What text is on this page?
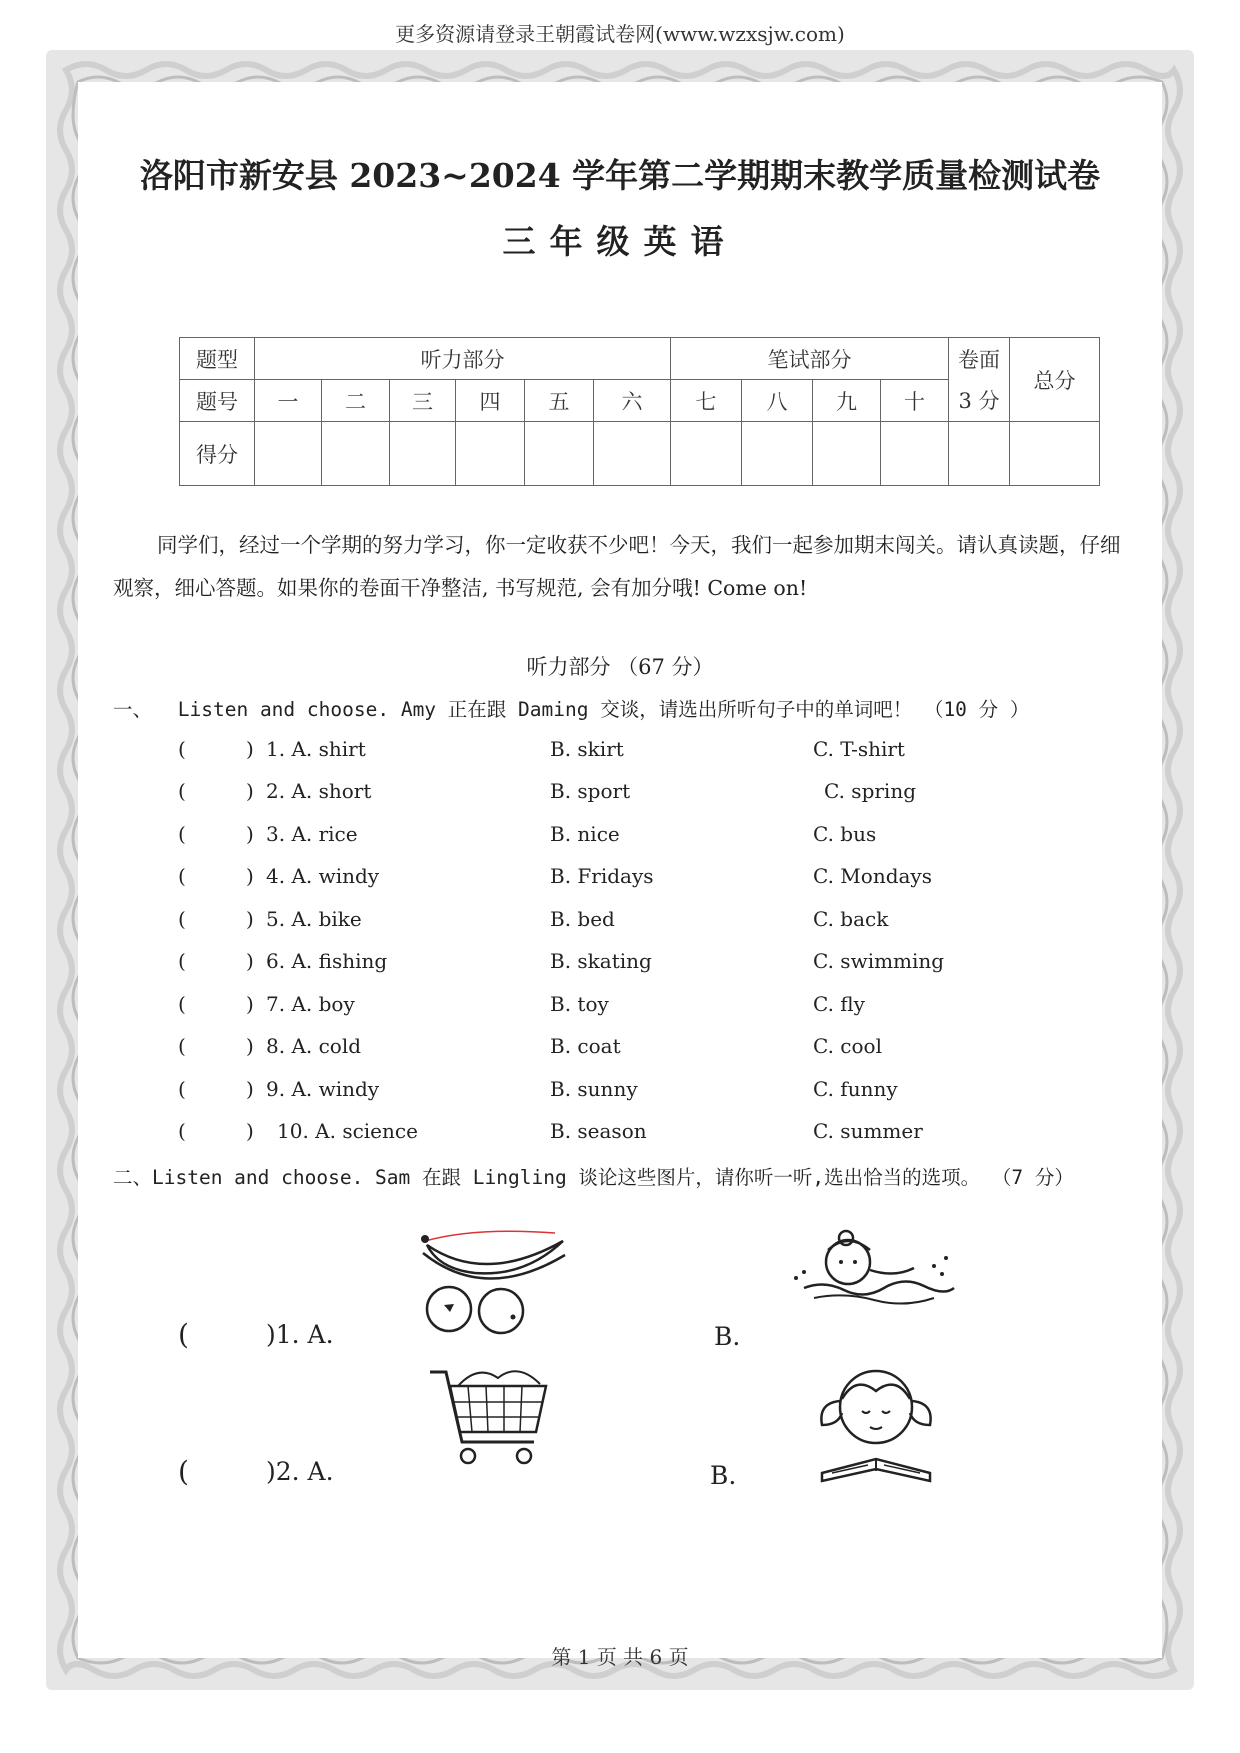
更多资源请登录王朝霞试卷网(www.wzxsjw.com)
洛阳市新安县 2023~2024 学年第二学期期末教学质量检测试卷
三年级英语
题型	听力部分						笔试部分				卷面	总分
题号	一	二	三	四	五	六	七	八	九	十	3 分	
得分												
同学们，经过一个学期的努力学习，你一定收获不少吧！今天，我们一起参加期末闯关。请认真读题，仔细观察，细心答题。如果你的卷面干净整洁, 书写规范, 会有加分哦! Come on!
听力部分 （67 分）
一、 Listen and choose. Amy 正在跟 Daming 交谈，请选出所听句子中的单词吧！ （10 分 ）
(	) 1. A. shirt	B. skirt	C. T-shirt
(	) 2. A. short	B. sport	C. spring
(	) 3. A. rice	B. nice	C. bus
(	) 4. A. windy	B. Fridays	C. Mondays
(	) 5. A. bike	B. bed	C. back
(	) 6. A. fishing	B. skating	C. swimming
(	) 7. A. boy	B. toy	C. fly
(	) 8. A. cold	B. coat	C. cool
(	) 9. A. windy	B. sunny	C. funny
(	) 10. A. science	B. season	C. summer
二、Listen and choose. Sam 在跟 Lingling 谈论这些图片，请你听一听,选出恰当的选项。 （7 分）
(	)1. A.	B.
(	)2. A.	B.
第 1 页 共 6 页
